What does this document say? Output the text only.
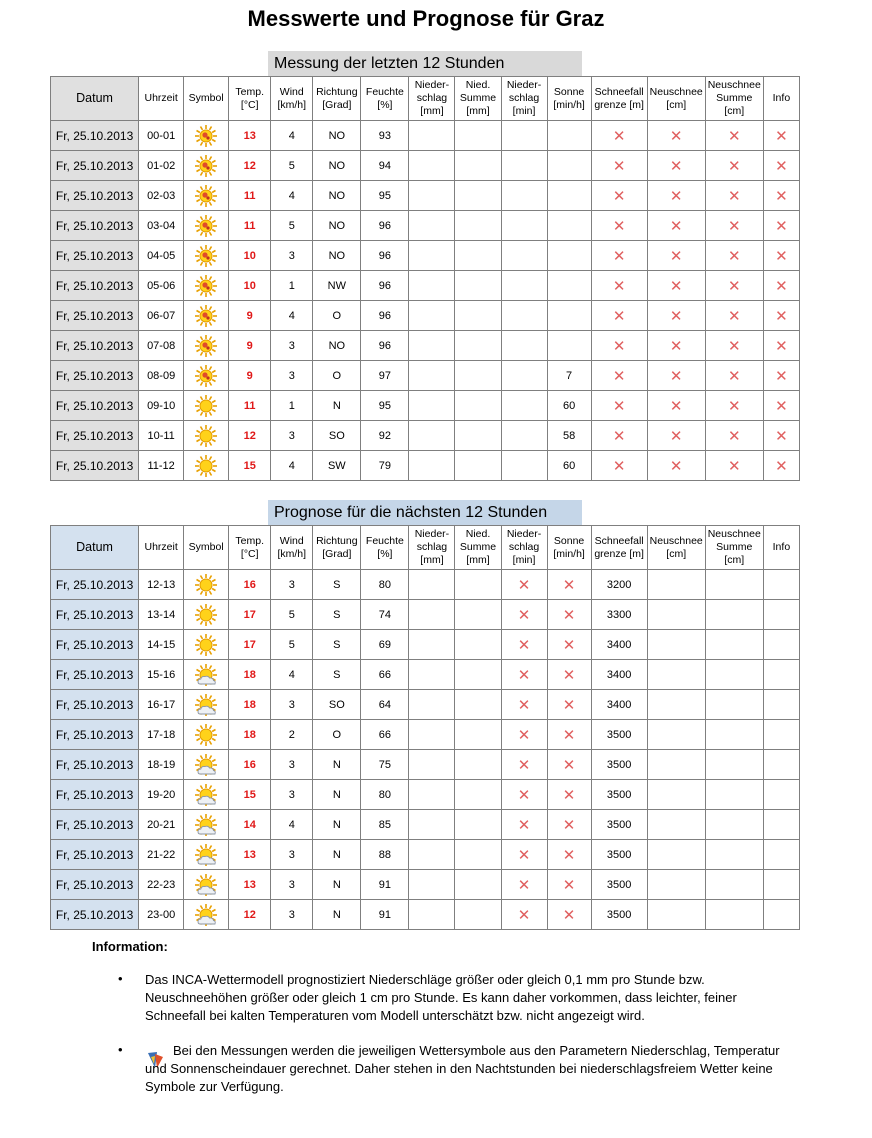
Messwerte und Prognose für Graz
Messung der letzten 12 Stunden
Datum	Uhrzeit	Symbol	Temp. [°C]	Wind [km/h]	Richtung [Grad]	Feuchte [%]	Nieder- schlag [mm]	Nied. Summe [mm]	Nieder- schlag [min]	Sonne [min/h]	Schneefall grenze [m]	Neuschnee [cm]	Neuschnee Summe [cm]	Info
Fr, 25.10.2013	00-01		13	4	NO	93					✕	✕	✕	✕
Fr, 25.10.2013	01-02		12	5	NO	94					✕	✕	✕	✕
Fr, 25.10.2013	02-03		11	4	NO	95					✕	✕	✕	✕
Fr, 25.10.2013	03-04		11	5	NO	96					✕	✕	✕	✕
Fr, 25.10.2013	04-05		10	3	NO	96					✕	✕	✕	✕
Fr, 25.10.2013	05-06		10	1	NW	96					✕	✕	✕	✕
Fr, 25.10.2013	06-07		9	4	O	96					✕	✕	✕	✕
Fr, 25.10.2013	07-08		9	3	NO	96					✕	✕	✕	✕
Fr, 25.10.2013	08-09		9	3	O	97				7	✕	✕	✕	✕
Fr, 25.10.2013	09-10		11	1	N	95				60	✕	✕	✕	✕
Fr, 25.10.2013	10-11		12	3	SO	92				58	✕	✕	✕	✕
Fr, 25.10.2013	11-12		15	4	SW	79				60	✕	✕	✕	✕
Prognose für die nächsten 12 Stunden
Datum	Uhrzeit	Symbol	Temp. [°C]	Wind [km/h]	Richtung [Grad]	Feuchte [%]	Nieder- schlag [mm]	Nied. Summe [mm]	Nieder- schlag [min]	Sonne [min/h]	Schneefall grenze [m]	Neuschnee [cm]	Neuschnee Summe [cm]	Info
Fr, 25.10.2013	12-13		16	3	S	80			✕	✕	3200			
Fr, 25.10.2013	13-14		17	5	S	74			✕	✕	3300			
Fr, 25.10.2013	14-15		17	5	S	69			✕	✕	3400			
Fr, 25.10.2013	15-16		18	4	S	66			✕	✕	3400			
Fr, 25.10.2013	16-17		18	3	SO	64			✕	✕	3400			
Fr, 25.10.2013	17-18		18	2	O	66			✕	✕	3500			
Fr, 25.10.2013	18-19		16	3	N	75			✕	✕	3500			
Fr, 25.10.2013	19-20		15	3	N	80			✕	✕	3500			
Fr, 25.10.2013	20-21		14	4	N	85			✕	✕	3500			
Fr, 25.10.2013	21-22		13	3	N	88			✕	✕	3500			
Fr, 25.10.2013	22-23		13	3	N	91			✕	✕	3500			
Fr, 25.10.2013	23-00		12	3	N	91			✕	✕	3500			
Information:
• Das INCA-Wettermodell prognostiziert Niederschläge größer oder gleich 0,1 mm pro Stunde bzw. Neuschneehöhen größer oder gleich 1 cm pro Stunde. Es kann daher vorkommen, dass leichter, feiner Schneefall bei kalten Temperaturen vom Modell unterschätzt bzw. nicht angezeigt wird.
•	Bei den Messungen werden die jeweiligen Wettersymbole aus den Parametern Niederschlag, Temperatur und Sonnenscheindauer gerechnet. Daher stehen in den Nachtstunden bei niederschlagsfreiem Wetter keine Symbole zur Verfügung.
